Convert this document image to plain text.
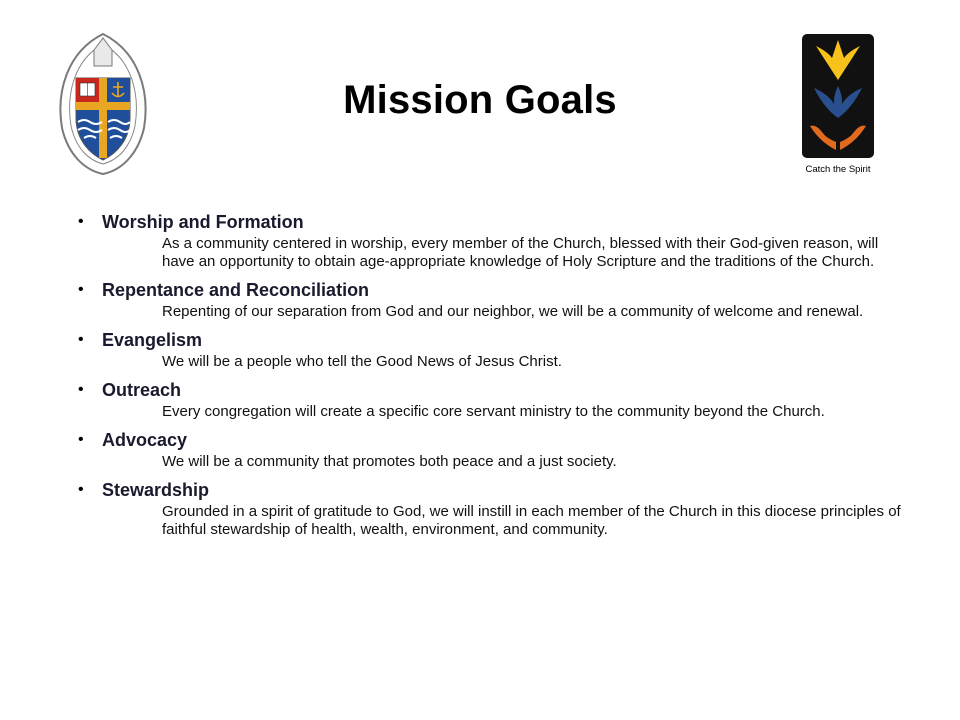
Catch the Spirit
Mission Goals
• Worship and Formation
As a community centered in worship, every member of the Church, blessed with their God-given reason, will have an opportunity to obtain age-appropriate knowledge of Holy Scripture and the traditions of the Church.
• Repentance and Reconciliation
Repenting of our separation from God and our neighbor, we will be a community of welcome and renewal.
• Evangelism
We will be a people who tell the Good News of Jesus Christ.
• Outreach
Every congregation will create a specific core servant ministry to the community beyond the Church.
• Advocacy
We will be a community that promotes both peace and a just society.
• Stewardship
Grounded in a spirit of gratitude to God, we will instill in each member of the Church in this diocese principles of faithful stewardship of health, wealth, environment, and community.
